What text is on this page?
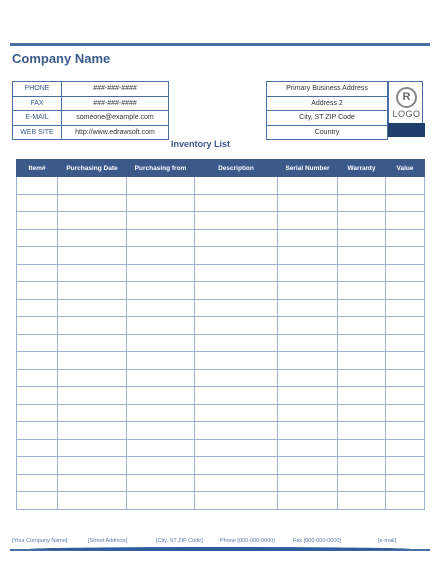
Company Name
PHONE	###-###-####
FAX	###-###-####
E-MAIL	someone@example.com
WEB SITE	http://www.edrawsoft.com
Primary Business Address
Address 2
City, ST ZIP Code
Country
R
LOGO
Inventory List
Item#	Purchasing Date	Purchasing from	Description	Serial Number	Warranty	Value

[Your Company Name]	[Street Address]	[City, ST ZIP Code]	Phone [000-000-0000]	Fax [000-000-0000]	[e-mail]
